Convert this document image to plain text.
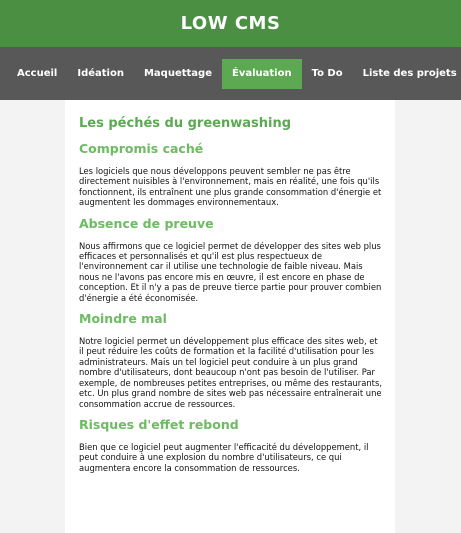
LOW CMS
Accueil	Idéation	Maquettage	Évaluation	To Do	Liste des projets
Les péchés du greenwashing
Compromis caché

Les logiciels que nous développons peuvent sembler ne pas être directement nuisibles à l'environnement, mais en réalité, une fois qu'ils fonctionnent, ils entraînent une plus grande consommation d'énergie et augmentent les dommages environnementaux.

Absence de preuve

Nous affirmons que ce logiciel permet de développer des sites web plus efficaces et personnalisés et qu'il est plus respectueux de l'environnement car il utilise une technologie de faible niveau. Mais nous ne l'avons pas encore mis en œuvre, il est encore en phase de conception. Et il n'y a pas de preuve tierce partie pour prouver combien d'énergie a été économisée.

Moindre mal

Notre logiciel permet un développement plus efficace des sites web, et il peut réduire les coûts de formation et la facilité d'utilisation pour les administrateurs. Mais un tel logiciel peut conduire à un plus grand nombre d'utilisateurs, dont beaucoup n'ont pas besoin de l'utiliser. Par exemple, de nombreuses petites entreprises, ou même des restaurants, etc. Un plus grand nombre de sites web pas nécessaire entraînerait une consommation accrue de ressources.

Risques d'effet rebond

Bien que ce logiciel peut augmenter l'efficacité du développement, il peut conduire à une explosion du nombre d'utilisateurs, ce qui augmentera encore la consommation de ressources.
